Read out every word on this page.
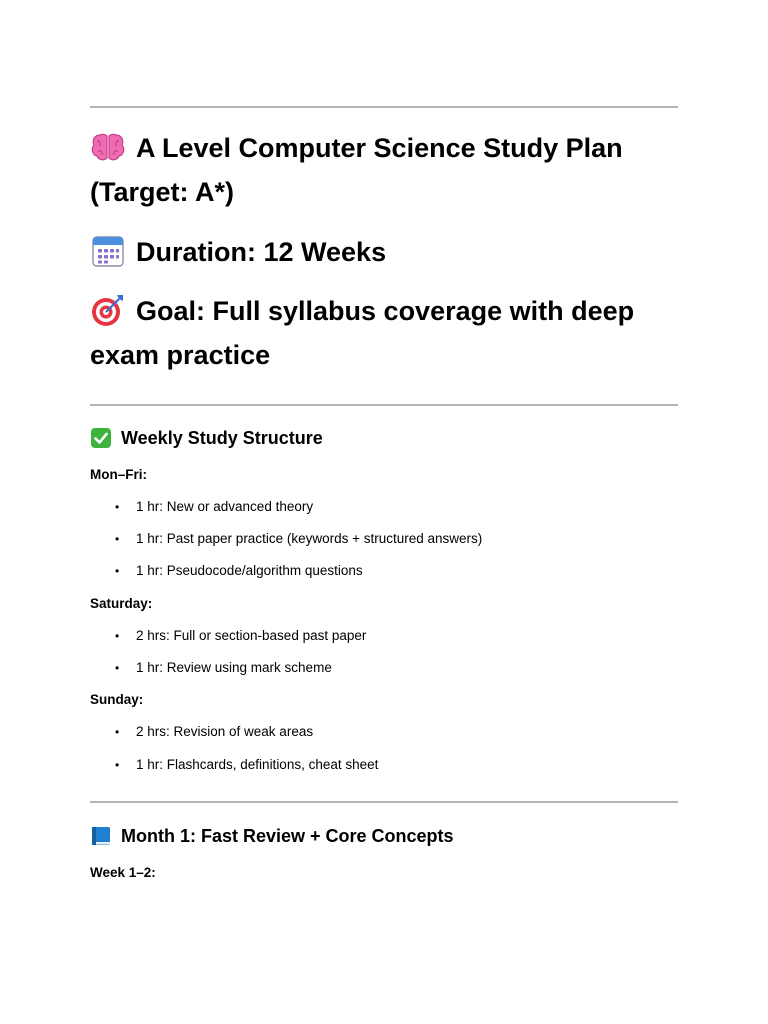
A Level Computer Science Study Plan (Target: A*)
Duration: 12 Weeks
Goal: Full syllabus coverage with deep exam practice
Weekly Study Structure
Mon–Fri:
• 1 hr: New or advanced theory
• 1 hr: Past paper practice (keywords + structured answers)
• 1 hr: Pseudocode/algorithm questions
Saturday:
• 2 hrs: Full or section-based past paper
• 1 hr: Review using mark scheme
Sunday:
• 2 hrs: Revision of weak areas
• 1 hr: Flashcards, definitions, cheat sheet
Month 1: Fast Review + Core Concepts
Week 1–2:
